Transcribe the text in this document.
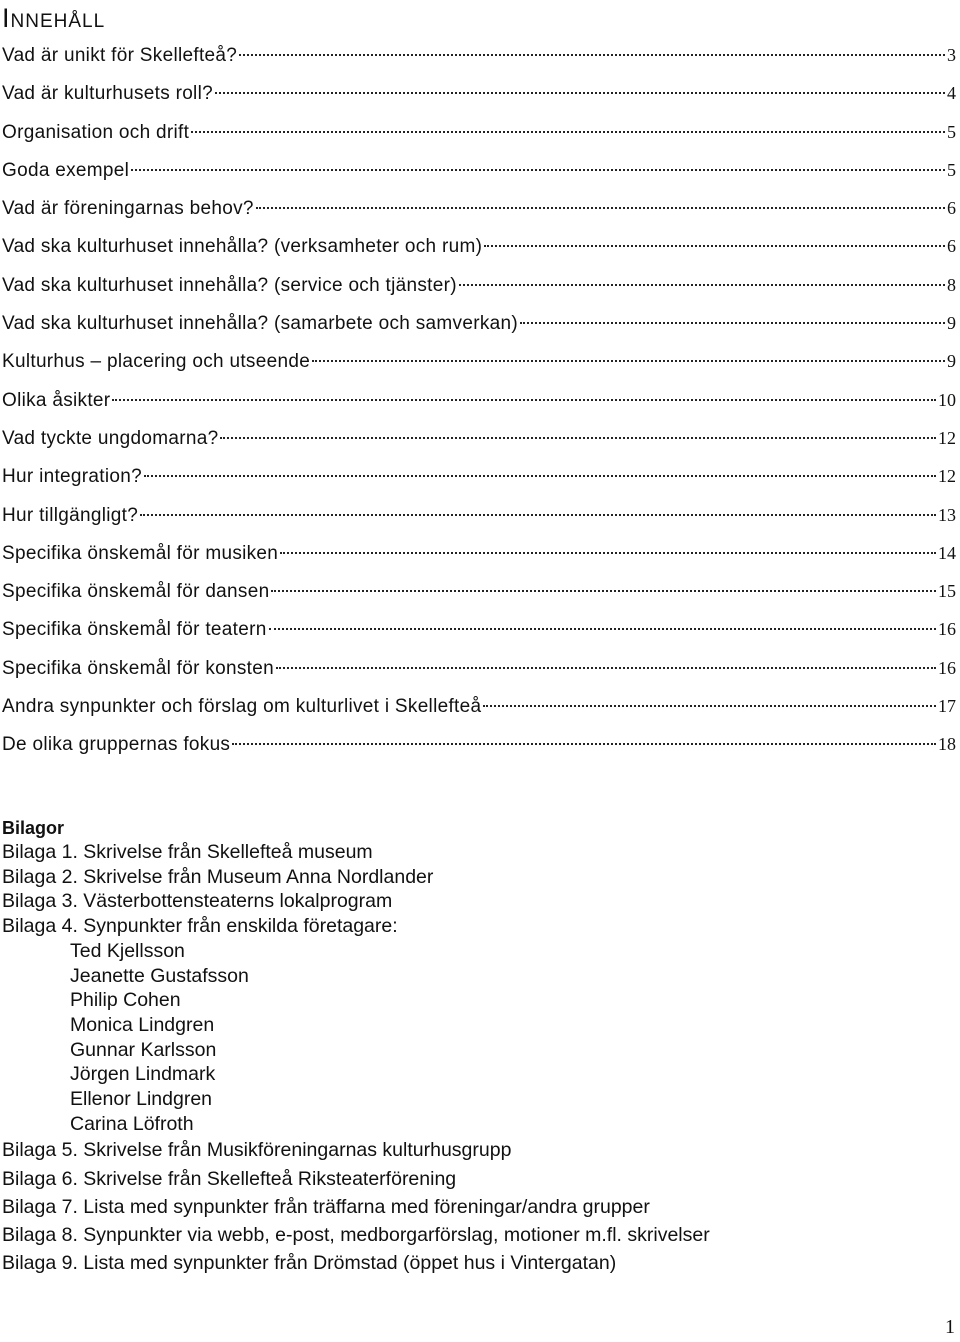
Innehåll
Vad är unikt för Skellefteå?	3
Vad är kulturhusets roll?	4
Organisation och drift	5
Goda exempel	5
Vad är föreningarnas behov?	6
Vad ska kulturhuset innehålla? (verksamheter och rum)	6
Vad ska kulturhuset innehålla? (service och tjänster)	8
Vad ska kulturhuset innehålla? (samarbete och samverkan)	9
Kulturhus – placering och utseende	9
Olika åsikter	10
Vad tyckte ungdomarna?	12
Hur integration?	12
Hur tillgängligt?	13
Specifika önskemål för musiken	14
Specifika önskemål för dansen	15
Specifika önskemål för teatern	16
Specifika önskemål för konsten	16
Andra synpunkter och förslag om kulturlivet i Skellefteå	17
De olika gruppernas fokus	18
Bilagor
Bilaga 1. Skrivelse från Skellefteå museum
Bilaga 2. Skrivelse från Museum Anna Nordlander
Bilaga 3. Västerbottensteaterns lokalprogram
Bilaga 4. Synpunkter från enskilda företagare:
Ted Kjellsson
Jeanette Gustafsson
Philip Cohen
Monica Lindgren
Gunnar Karlsson
Jörgen Lindmark
Ellenor Lindgren
Carina Löfroth
Bilaga 5. Skrivelse från Musikföreningarnas kulturhusgrupp
Bilaga 6. Skrivelse från Skellefteå Riksteaterförening
Bilaga 7. Lista med synpunkter från träffarna med föreningar/andra grupper
Bilaga 8. Synpunkter via webb, e-post, medborgarförslag, motioner m.fl. skrivelser
Bilaga 9. Lista med synpunkter från Drömstad (öppet hus i Vintergatan)
1
